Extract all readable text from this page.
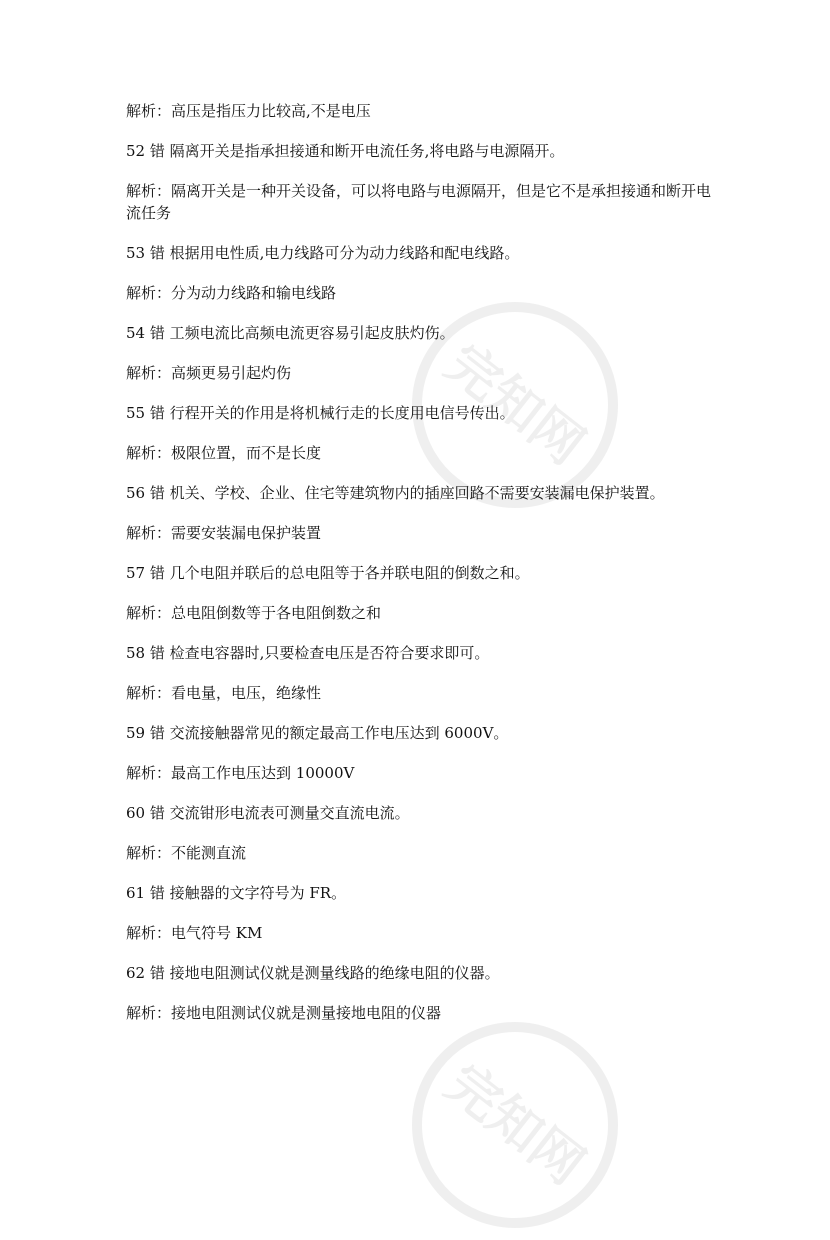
完知网
完知网

解析：高压是指压力比较高,不是电压

52 错 隔离开关是指承担接通和断开电流任务,将电路与电源隔开。

解析：隔离开关是一种开关设备，可以将电路与电源隔开，但是它不是承担接通和断开电流任务

53 错 根据用电性质,电力线路可分为动力线路和配电线路。

解析：分为动力线路和输电线路

54 错 工频电流比高频电流更容易引起皮肤灼伤。

解析：高频更易引起灼伤

55 错 行程开关的作用是将机械行走的长度用电信号传出。

解析：极限位置，而不是长度

56 错 机关、学校、企业、住宅等建筑物内的插座回路不需要安装漏电保护装置。

解析：需要安装漏电保护装置

57 错 几个电阻并联后的总电阻等于各并联电阻的倒数之和。

解析：总电阻倒数等于各电阻倒数之和

58 错 检查电容器时,只要检查电压是否符合要求即可。

解析：看电量，电压，绝缘性

59 错 交流接触器常见的额定最高工作电压达到 6000V。

解析：最高工作电压达到 10000V

60 错 交流钳形电流表可测量交直流电流。

解析：不能测直流

61 错 接触器的文字符号为 FR。

解析：电气符号 KM

62 错 接地电阻测试仪就是测量线路的绝缘电阻的仪器。

解析：接地电阻测试仪就是测量接地电阻的仪器
